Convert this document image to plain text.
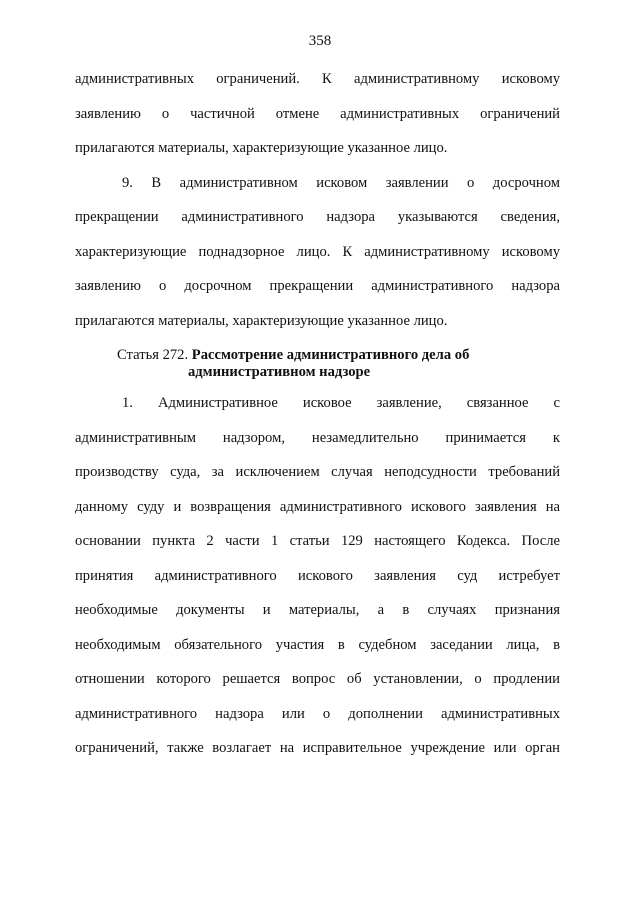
358
административных ограничений. К административному исковому
заявлению о частичной отмене административных ограничений
прилагаются материалы, характеризующие указанное лицо.
9. В административном исковом заявлении о досрочном
прекращении административного надзора указываются сведения,
характеризующие поднадзорное лицо. К административному исковому
заявлению о досрочном прекращении административного надзора
прилагаются материалы, характеризующие указанное лицо.
Статья 272. Рассмотрение административного дела об
административном надзоре
1. Административное исковое заявление, связанное с
административным надзором, незамедлительно принимается к
производству суда, за исключением случая неподсудности требований
данному суду и возвращения административного искового заявления на
основании пункта 2 части 1 статьи 129 настоящего Кодекса. После
принятия административного искового заявления суд истребует
необходимые документы и материалы, а в случаях признания
необходимым обязательного участия в судебном заседании лица, в
отношении которого решается вопрос об установлении, о продлении
административного надзора или о дополнении административных
ограничений, также возлагает на исправительное учреждение или орган
